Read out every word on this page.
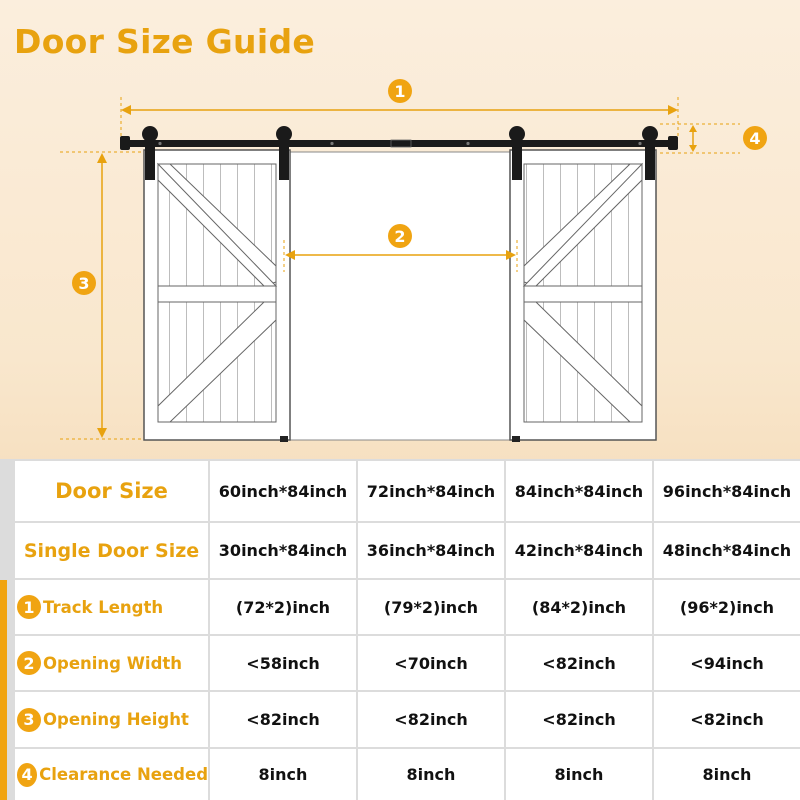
Door Size Guide
1
2
3
4
Door Size	60inch*84inch 72inch*84inch 84inch*84inch 96inch*84inch
Single Door Size 30inch*84inch 36inch*84inch 42inch*84inch 48inch*84inch
1 Track Length	(72*2)inch	(79*2)inch	(84*2)inch	(96*2)inch
2 Opening Width	<58inch	<70inch	<82inch	<94inch
3 Opening Height	<82inch	<82inch	<82inch	<82inch
4 Clearance Needed	8inch	8inch	8inch	8inch
